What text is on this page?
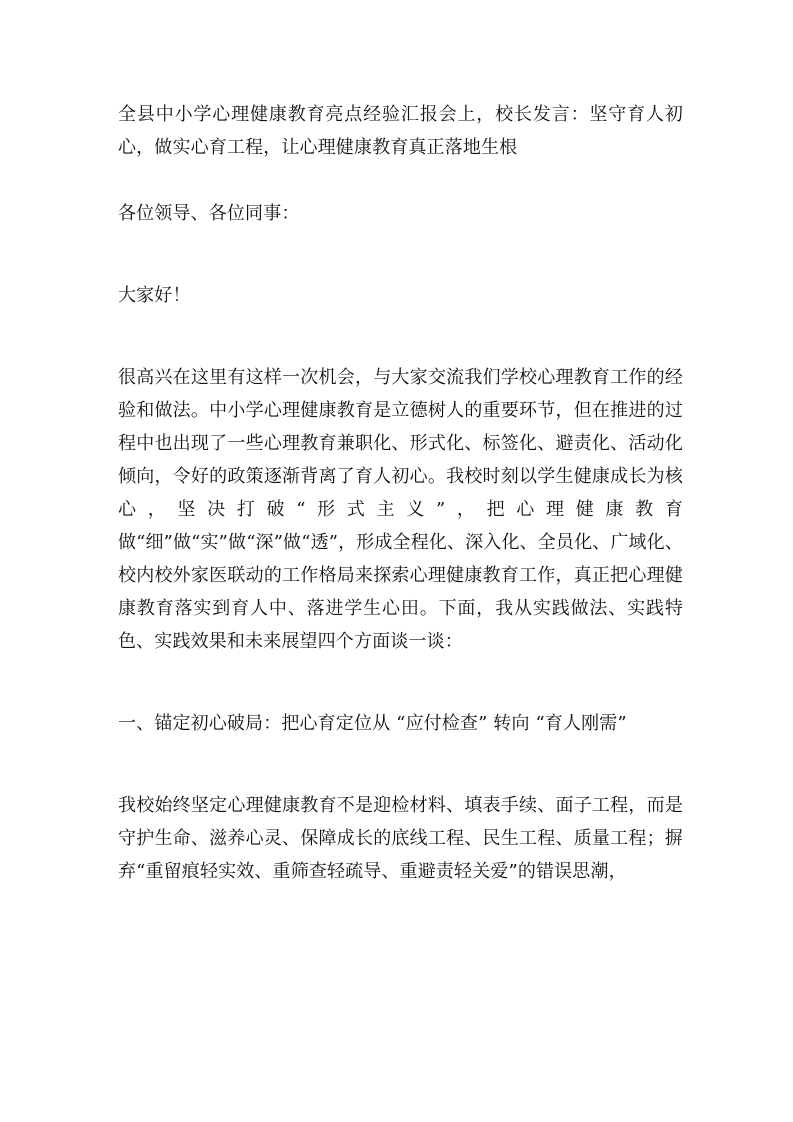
全县中小学心理健康教育亮点经验汇报会上，校长发言：坚守育人初心，做实心育工程，让心理健康教育真正落地生根

各位领导、各位同事：

大家好！

很高兴在这里有这样一次机会，与大家交流我们学校心理教育工作的经验和做法。中小学心理健康教育是立德树人的重要环节，但在推进的过程中也出现了一些心理教育兼职化、形式化、标签化、避责化、活动化倾向，令好的政策逐渐背离了育人初心。我校时刻以学生健康成长为核心，坚决打破“形式主义”，把心理健康教育做“细”做“实”做“深”做“透”，形成全程化、深入化、全员化、广域化、校内校外家医联动的工作格局来探索心理健康教育工作，真正把心理健康教育落实到育人中、落进学生心田。下面，我从实践做法、实践特色、实践效果和未来展望四个方面谈一谈：

一、锚定初心破局：把心育定位从 “应付检查” 转向 “育人刚需”

我校始终坚定心理健康教育不是迎检材料、填表手续、面子工程，而是守护生命、滋养心灵、保障成长的底线工程、民生工程、质量工程；摒弃“重留痕轻实效、重筛查轻疏导、重避责轻关爱”的错误思潮，
